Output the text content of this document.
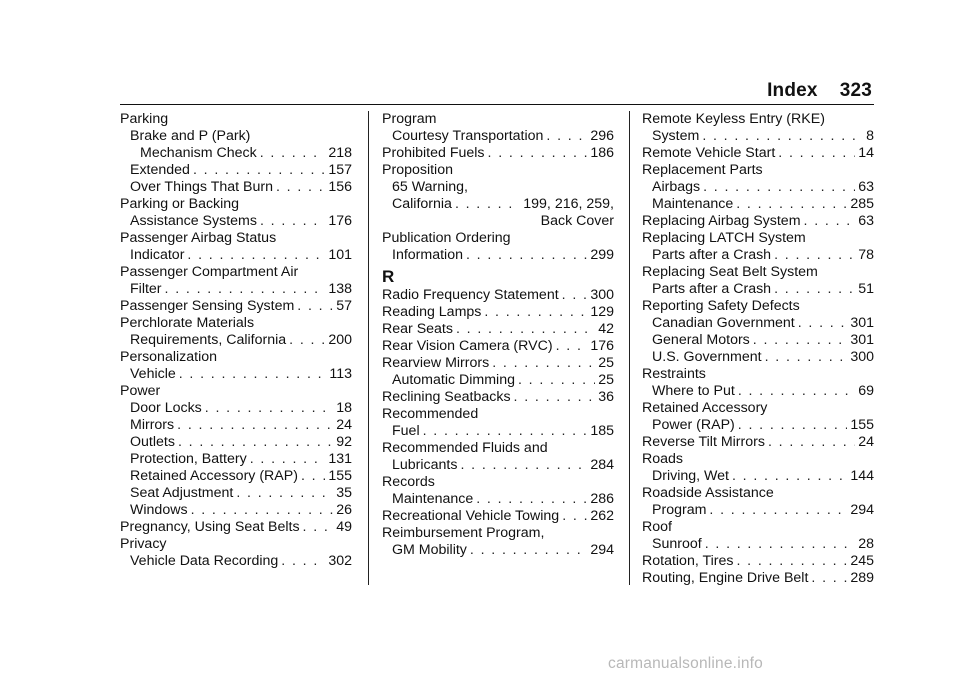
Index 323
Parking
Brake and P (Park)
Mechanism Check . . .	218
Extended . . .	157
Over Things That Burn . . .	156
Parking or Backing
Assistance Systems . . .	176
Passenger Airbag Status
Indicator . . .	101
Passenger Compartment Air
Filter . . .	138
Passenger Sensing System . . .	57
Perchlorate Materials
Requirements, California . . .	200
Personalization
Vehicle . . .	113
Power
Door Locks . . .	18
Mirrors . . .	24
Outlets . . .	92
Protection, Battery . . .	131
Retained Accessory (RAP) . . . 155
Seat Adjustment . . .	35
Windows . . .	26
Pregnancy, Using Seat Belts . . .	49
Privacy
Vehicle Data Recording . . .	302
Program
Courtesy Transportation . . .	296
Prohibited Fuels . . .	186
Proposition
65 Warning,
California . . .	199, 216, 259,
Back Cover
Publication Ordering
Information . . .	299
R
Radio Frequency Statement . . . 300
Reading Lamps . . .	129
Rear Seats . . .	42
Rear Vision Camera (RVC) . . .	176
Rearview Mirrors . . .	25
Automatic Dimming . . .	25
Reclining Seatbacks . . .	36
Recommended
Fuel . . .	185
Recommended Fluids and
Lubricants . . .	284
Records
Maintenance . . .	286
Recreational Vehicle Towing . . . 262
Reimbursement Program,
GM Mobility . . .	294
Remote Keyless Entry (RKE)
System . . .	8
Remote Vehicle Start . . .	14
Replacement Parts
Airbags . . .	63
Maintenance . . .	285
Replacing Airbag System . . .	63
Replacing LATCH System
Parts after a Crash . . .	78
Replacing Seat Belt System
Parts after a Crash . . .	51
Reporting Safety Defects
Canadian Government . . .	301
General Motors . . .	301
U.S. Government . . .	300
Restraints
Where to Put . . .	69
Retained Accessory
Power (RAP) . . .	155
Reverse Tilt Mirrors . . .	24
Roads
Driving, Wet . . .	144
Roadside Assistance
Program . . .	294
Roof
Sunroof . . .	28
Rotation, Tires . . .	245
Routing, Engine Drive Belt . . .	289
carmanualsonline.info
